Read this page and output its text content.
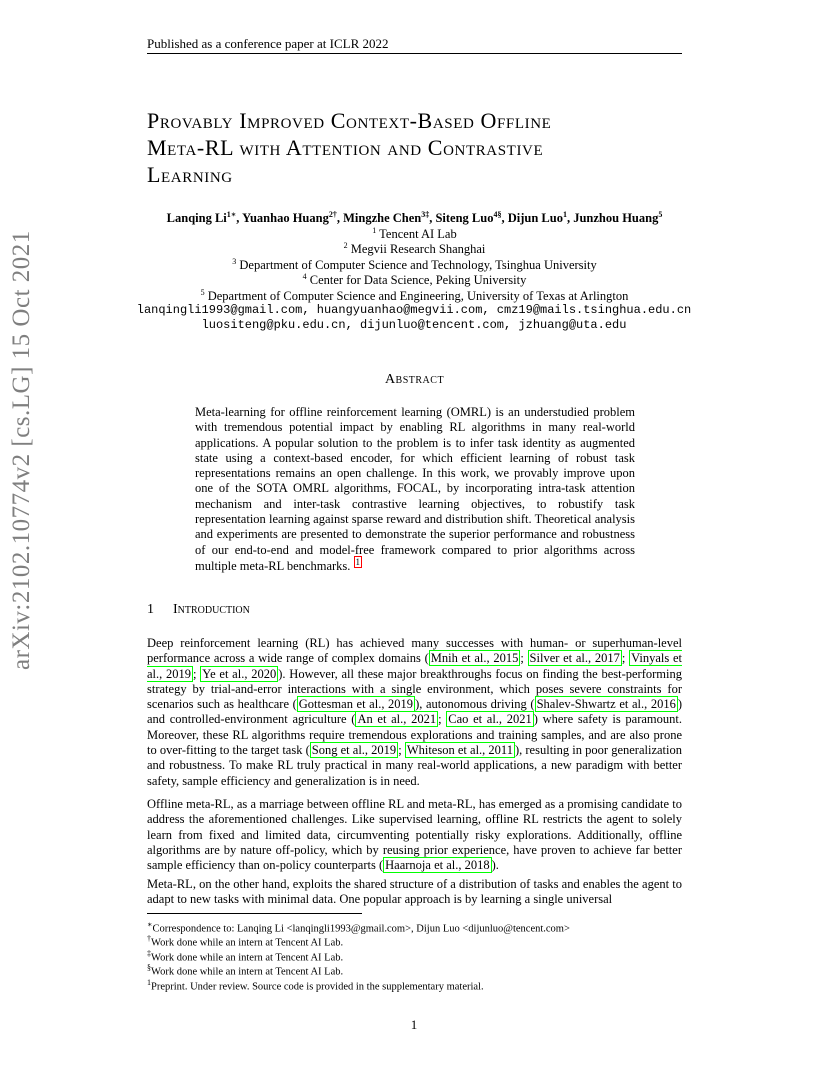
Published as a conference paper at ICLR 2022
Provably Improved Context-Based Offline
Meta-RL with Attention and Contrastive
Learning
Lanqing $Li^{1∗}$, Yuanhao Huang$^{2\dagger}$, Mingzhe Chen$^{3\ddagger}$, Siteng Luo$^{4\S}$, Dijun Luo$^1$, Junzhou Huang$^5$
$^1$ Tencent AI Lab
$^2$ Megvii Research Shanghai
$^3$ Department of Computer Science and Technology, Tsinghua University
$^4$ Center for Data Science, Peking University
$^5$ Department of Computer Science and Engineering, University of Texas at Arlington
lanqingli1993@gmail.com, huangyuanhao@megvii.com, cmz19@mails.tsinghua.edu.cn
luositeng@pku.edu.cn, dijunluo@tencent.com, jzhuang@uta.edu
arXiv:2102.10774v2 [cs.LG] 15 Oct 2021	Abstract
Meta-learning for offline reinforcement learning (OMRL) is an understudied problem with tremendous potential impact by enabling RL algorithms in many real-world applications. A popular solution to the problem is to infer task identity as augmented state using a context-based encoder, for which efficient learning of robust task representations remains an open challenge. In this work, we provably improve upon one of the SOTA OMRL algorithms, FOCAL, by incorporating intra-task attention mechanism and inter-task contrastive learning objectives, to robustify task representation learning against sparse reward and distribution shift. Theoretical analysis and experiments are presented to demonstrate the superior performance and robustness of our end-to-end and model-free framework compared to prior algorithms across multiple meta-RL benchmarks. $^1$
1 Introduction
Deep reinforcement learning (RL) has achieved many successes with human- or superhuman-level performance across a wide range of complex domains ( Mnih et al., 2015 ; Silver et al., 2017 ; Vinyals et al., 2019 ; Ye et al., 2020 ). However, all these major breakthroughs focus on finding the best-performing strategy by trial-and-error interactions with a single environment, which poses severe constraints for scenarios such as healthcare ( Gottesman et al., 2019 ), autonomous driving ( Shalev-Shwartz et al., 2016 ) and controlled-environment agriculture ( An et al., 2021 ; Cao et al., 2021 ) where safety is paramount. Moreover, these RL algorithms require tremendous explorations and training samples, and are also prone to over-fitting to the target task ( Song et al., 2019 ; Whiteson et al., 2011 ), resulting in poor generalization and robustness. To make RL truly practical in many real-world applications, a new paradigm with better safety, sample efficiency and generalization is in need.
Offline meta-RL, as a marriage between offline RL and meta-RL, has emerged as a promising candidate to address the aforementioned challenges. Like supervised learning, offline RL restricts the agent to solely learn from fixed and limited data, circumventing potentially risky explorations. Additionally, offline algorithms are by nature off-policy, which by reusing prior experience, have proven to achieve far better sample efficiency than on-policy counterparts ( Haarnoja et al., 2018 ).
Meta-RL, on the other hand, exploits the shared structure of a distribution of tasks and enables the agent to adapt to new tasks with minimal data. One popular approach is by learning a single universal
∗Correspondence to: Lanqing Li <lanqingli1993@gmail.com>, Dijun Luo <dijunluo@tencent.com>
†Work done while an intern at Tencent AI Lab.
‡Work done while an intern at Tencent AI Lab.
§Work done while an intern at Tencent AI Lab.
$^1$Preprint. Under review. Source code is provided in the supplementary material.
1
